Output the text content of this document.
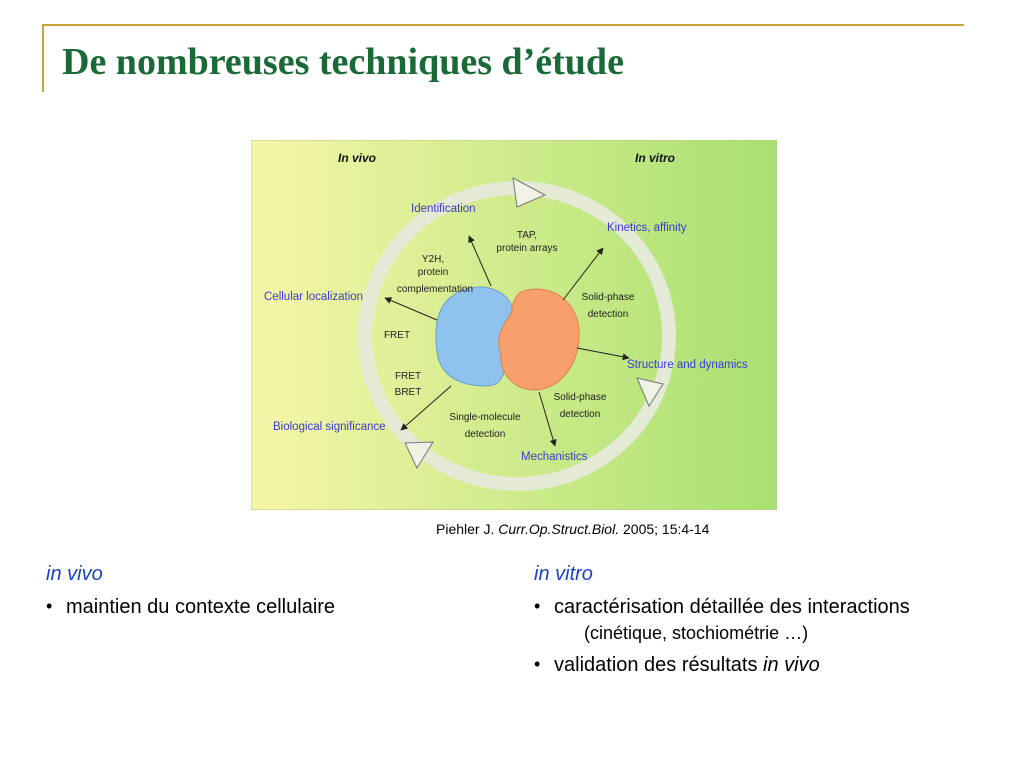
De nombreuses techniques d’étude
In vivo	In vitro
Identification
Kinetics, affinity
Cellular localization
Structure and dynamics
Biological significance
Mechanistics
TAP,
protein arrays
Y2H,
protein
complementation
FRET
FRET
BRET
Solid-phase
detection
Solid-phase
detection
Single-molecule
detection
Piehler J. Curr.Op.Struct.Biol. 2005; 15:4-14
in vivo
• maintien du contexte cellulaire
in vitro
• caractérisation détaillée des interactions
(cinétique, stochiométrie …)
• validation des résultats in vivo
